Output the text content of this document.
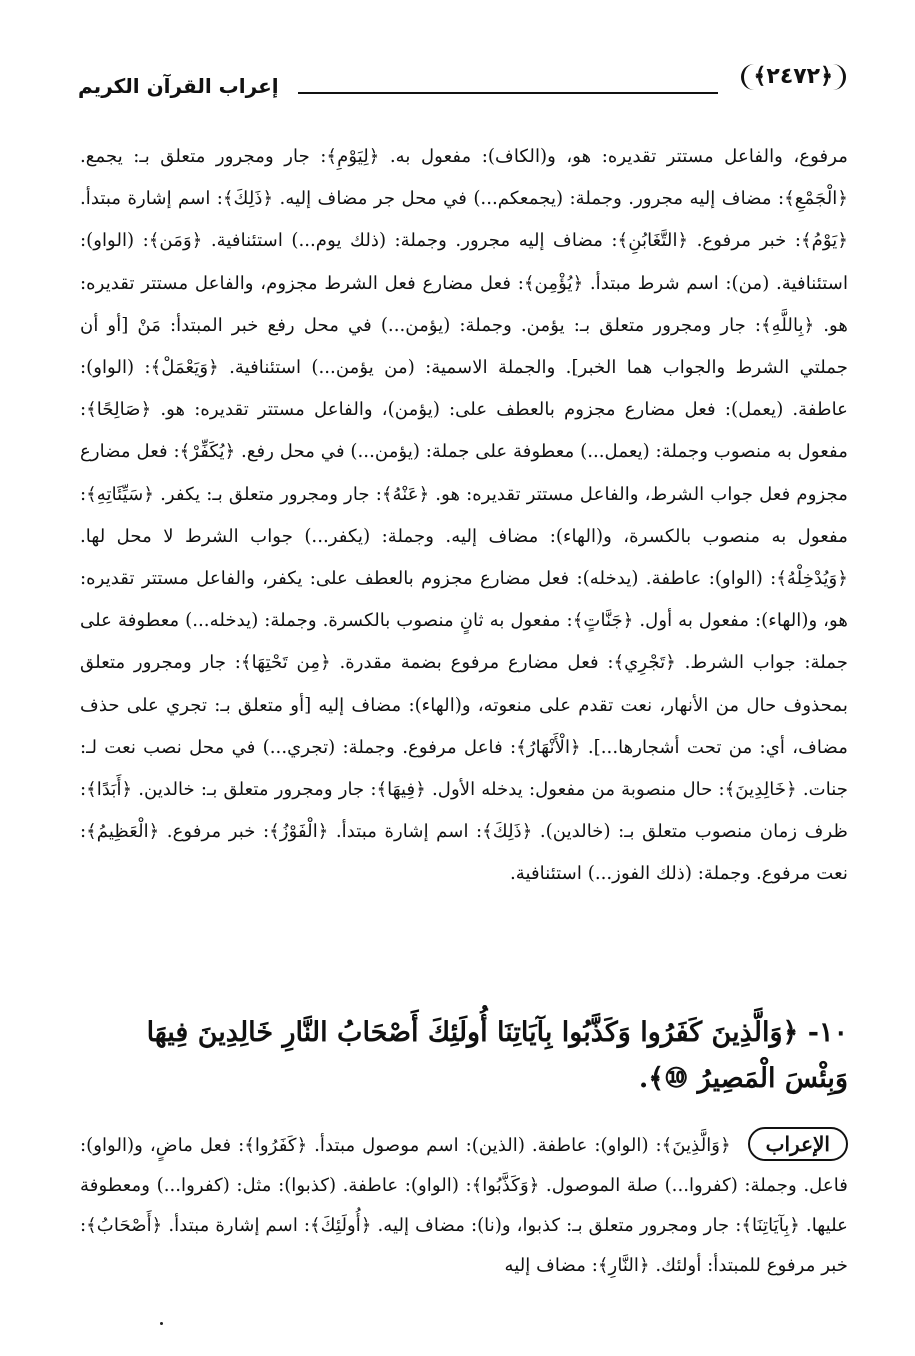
﴿٢٤٧٢﴾
إعراب القرآن الكريم

مرفوع، والفاعل مستتر تقديره: هو، و(الكاف): مفعول به. ﴿لِيَوْمِ﴾: جار ومجرور متعلق بـ: يجمع. ﴿الْجَمْعِ﴾: مضاف إليه مجرور. وجملة: (يجمعكم...) في محل جر مضاف إليه. ﴿ذَلِكَ﴾: اسم إشارة مبتدأ. ﴿يَوْمُ﴾: خبر مرفوع. ﴿التَّغَابُنِ﴾: مضاف إليه مجرور. وجملة: (ذلك يوم...) استئنافية. ﴿وَمَن﴾: (الواو): استئنافية. (من): اسم شرط مبتدأ. ﴿يُؤْمِن﴾: فعل مضارع فعل الشرط مجزوم، والفاعل مستتر تقديره: هو. ﴿بِاللَّهِ﴾: جار ومجرور متعلق بـ: يؤمن. وجملة: (يؤمن...) في محل رفع خبر المبتدأ: مَنْ [أو أن جملتي الشرط والجواب هما الخبر]. والجملة الاسمية: (من يؤمن...) استئنافية. ﴿وَيَعْمَلْ﴾: (الواو): عاطفة. (يعمل): فعل مضارع مجزوم بالعطف على: (يؤمن)، والفاعل مستتر تقديره: هو. ﴿صَالِحًا﴾: مفعول به منصوب وجملة: (يعمل...) معطوفة على جملة: (يؤمن...) في محل رفع. ﴿يُكَفِّرْ﴾: فعل مضارع مجزوم فعل جواب الشرط، والفاعل مستتر تقديره: هو. ﴿عَنْهُ﴾: جار ومجرور متعلق بـ: يكفر. ﴿سَيِّئَاتِهِ﴾: مفعول به منصوب بالكسرة، و(الهاء): مضاف إليه. وجملة: (يكفر...) جواب الشرط لا محل لها. ﴿وَيُدْخِلْهُ﴾: (الواو): عاطفة. (يدخله): فعل مضارع مجزوم بالعطف على: يكفر، والفاعل مستتر تقديره: هو، و(الهاء): مفعول به أول. ﴿جَنَّاتٍ﴾: مفعول به ثانٍ منصوب بالكسرة. وجملة: (يدخله...) معطوفة على جملة: جواب الشرط. ﴿تَجْرِي﴾: فعل مضارع مرفوع بضمة مقدرة. ﴿مِن تَحْتِهَا﴾: جار ومجرور متعلق بمحذوف حال من الأنهار، نعت تقدم على منعوته، و(الهاء): مضاف إليه [أو متعلق بـ: تجري على حذف مضاف، أي: من تحت أشجارها...]. ﴿الْأَنْهَارُ﴾: فاعل مرفوع. وجملة: (تجري...) في محل نصب نعت لـ: جنات. ﴿خَالِدِينَ﴾: حال منصوبة من مفعول: يدخله الأول. ﴿فِيهَا﴾: جار ومجرور متعلق بـ: خالدين. ﴿أَبَدًا﴾: ظرف زمان منصوب متعلق بـ: (خالدين). ﴿ذَلِكَ﴾: اسم إشارة مبتدأ. ﴿الْفَوْزُ﴾: خبر مرفوع. ﴿الْعَظِيمُ﴾: نعت مرفوع. وجملة: (ذلك الفوز...) استئنافية.

١٠- ﴿وَالَّذِينَ كَفَرُوا وَكَذَّبُوا بِآيَاتِنَا أُولَئِكَ أَصْحَابُ النَّارِ خَالِدِينَ فِيهَا وَبِئْسَ الْمَصِيرُ ⑩﴾.
الإعراب ﴿وَالَّذِينَ﴾: (الواو): عاطفة. (الذين): اسم موصول مبتدأ. ﴿كَفَرُوا﴾: فعل ماضٍ، و(الواو): فاعل. وجملة: (كفروا...) صلة الموصول. ﴿وَكَذَّبُوا﴾: (الواو): عاطفة. (كذبوا): مثل: (كفروا...) ومعطوفة عليها. ﴿بِآيَاتِنَا﴾: جار ومجرور متعلق بـ: كذبوا، و(نا): مضاف إليه. ﴿أُولَئِكَ﴾: اسم إشارة مبتدأ. ﴿أَصْحَابُ﴾: خبر مرفوع للمبتدأ: أولئك. ﴿النَّارِ﴾: مضاف إليه
